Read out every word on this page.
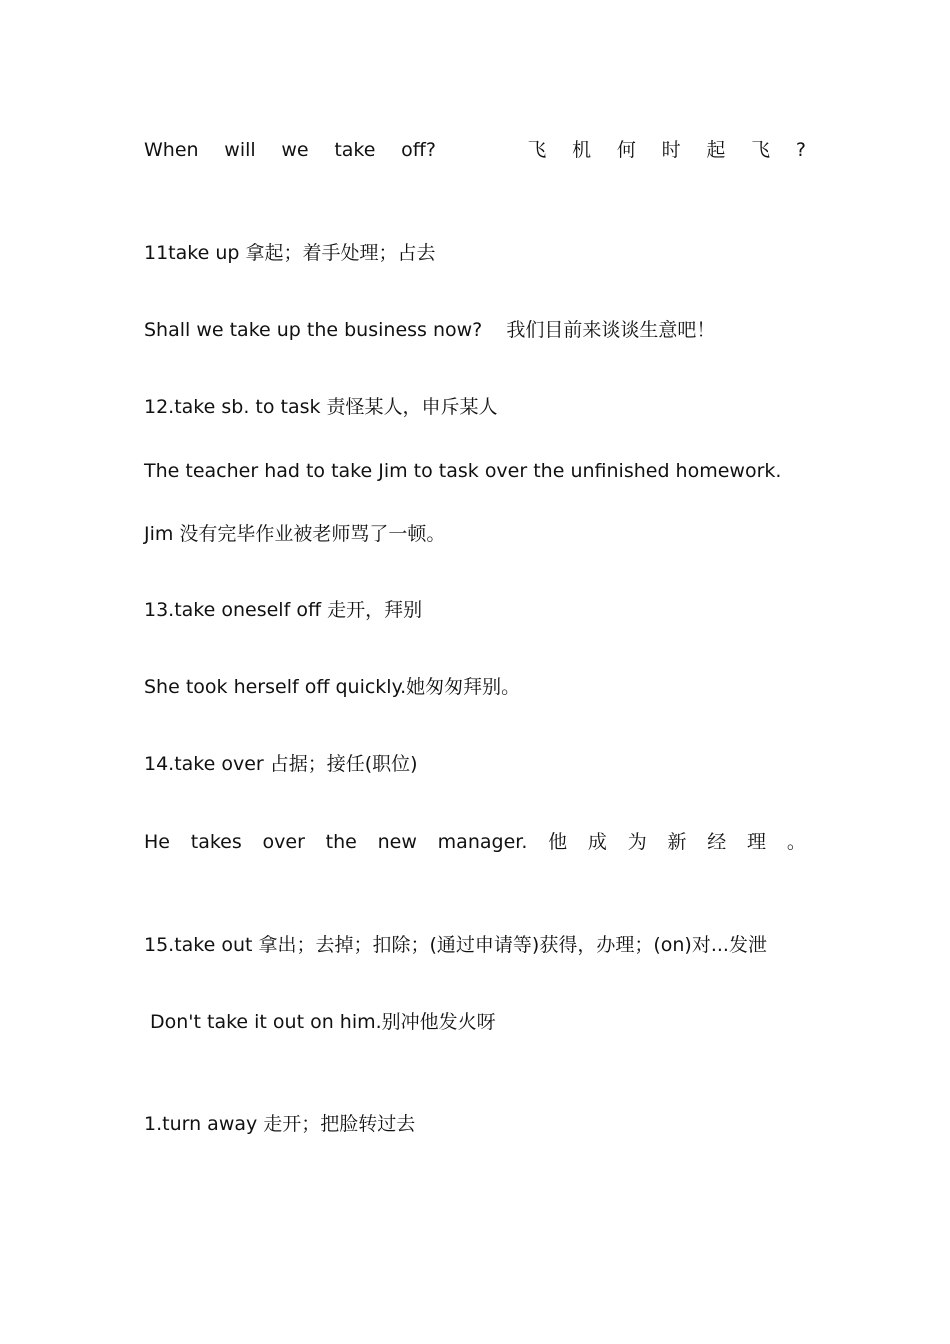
When will we take off?	飞 机 何 时 起 飞 ?
11take up 拿起；着手处理；占去
Shall we take up the business now?    我们目前来谈谈生意吧！
12.take sb. to task 责怪某人，申斥某人
The teacher had to take Jim to task over the unfinished homework.
Jim 没有完毕作业被老师骂了一顿。
13.take oneself off 走开，拜别
She took herself off quickly.她匆匆拜别。
14.take over 占据；接任(职位)
He takes over the new manager. 他 成 为 新 经 理 。
15.take out 拿出；去掉；扣除；(通过申请等)获得，办理；(on)对...发泄
Don't take it out on him.别冲他发火呀
1.turn away 走开；把脸转过去
